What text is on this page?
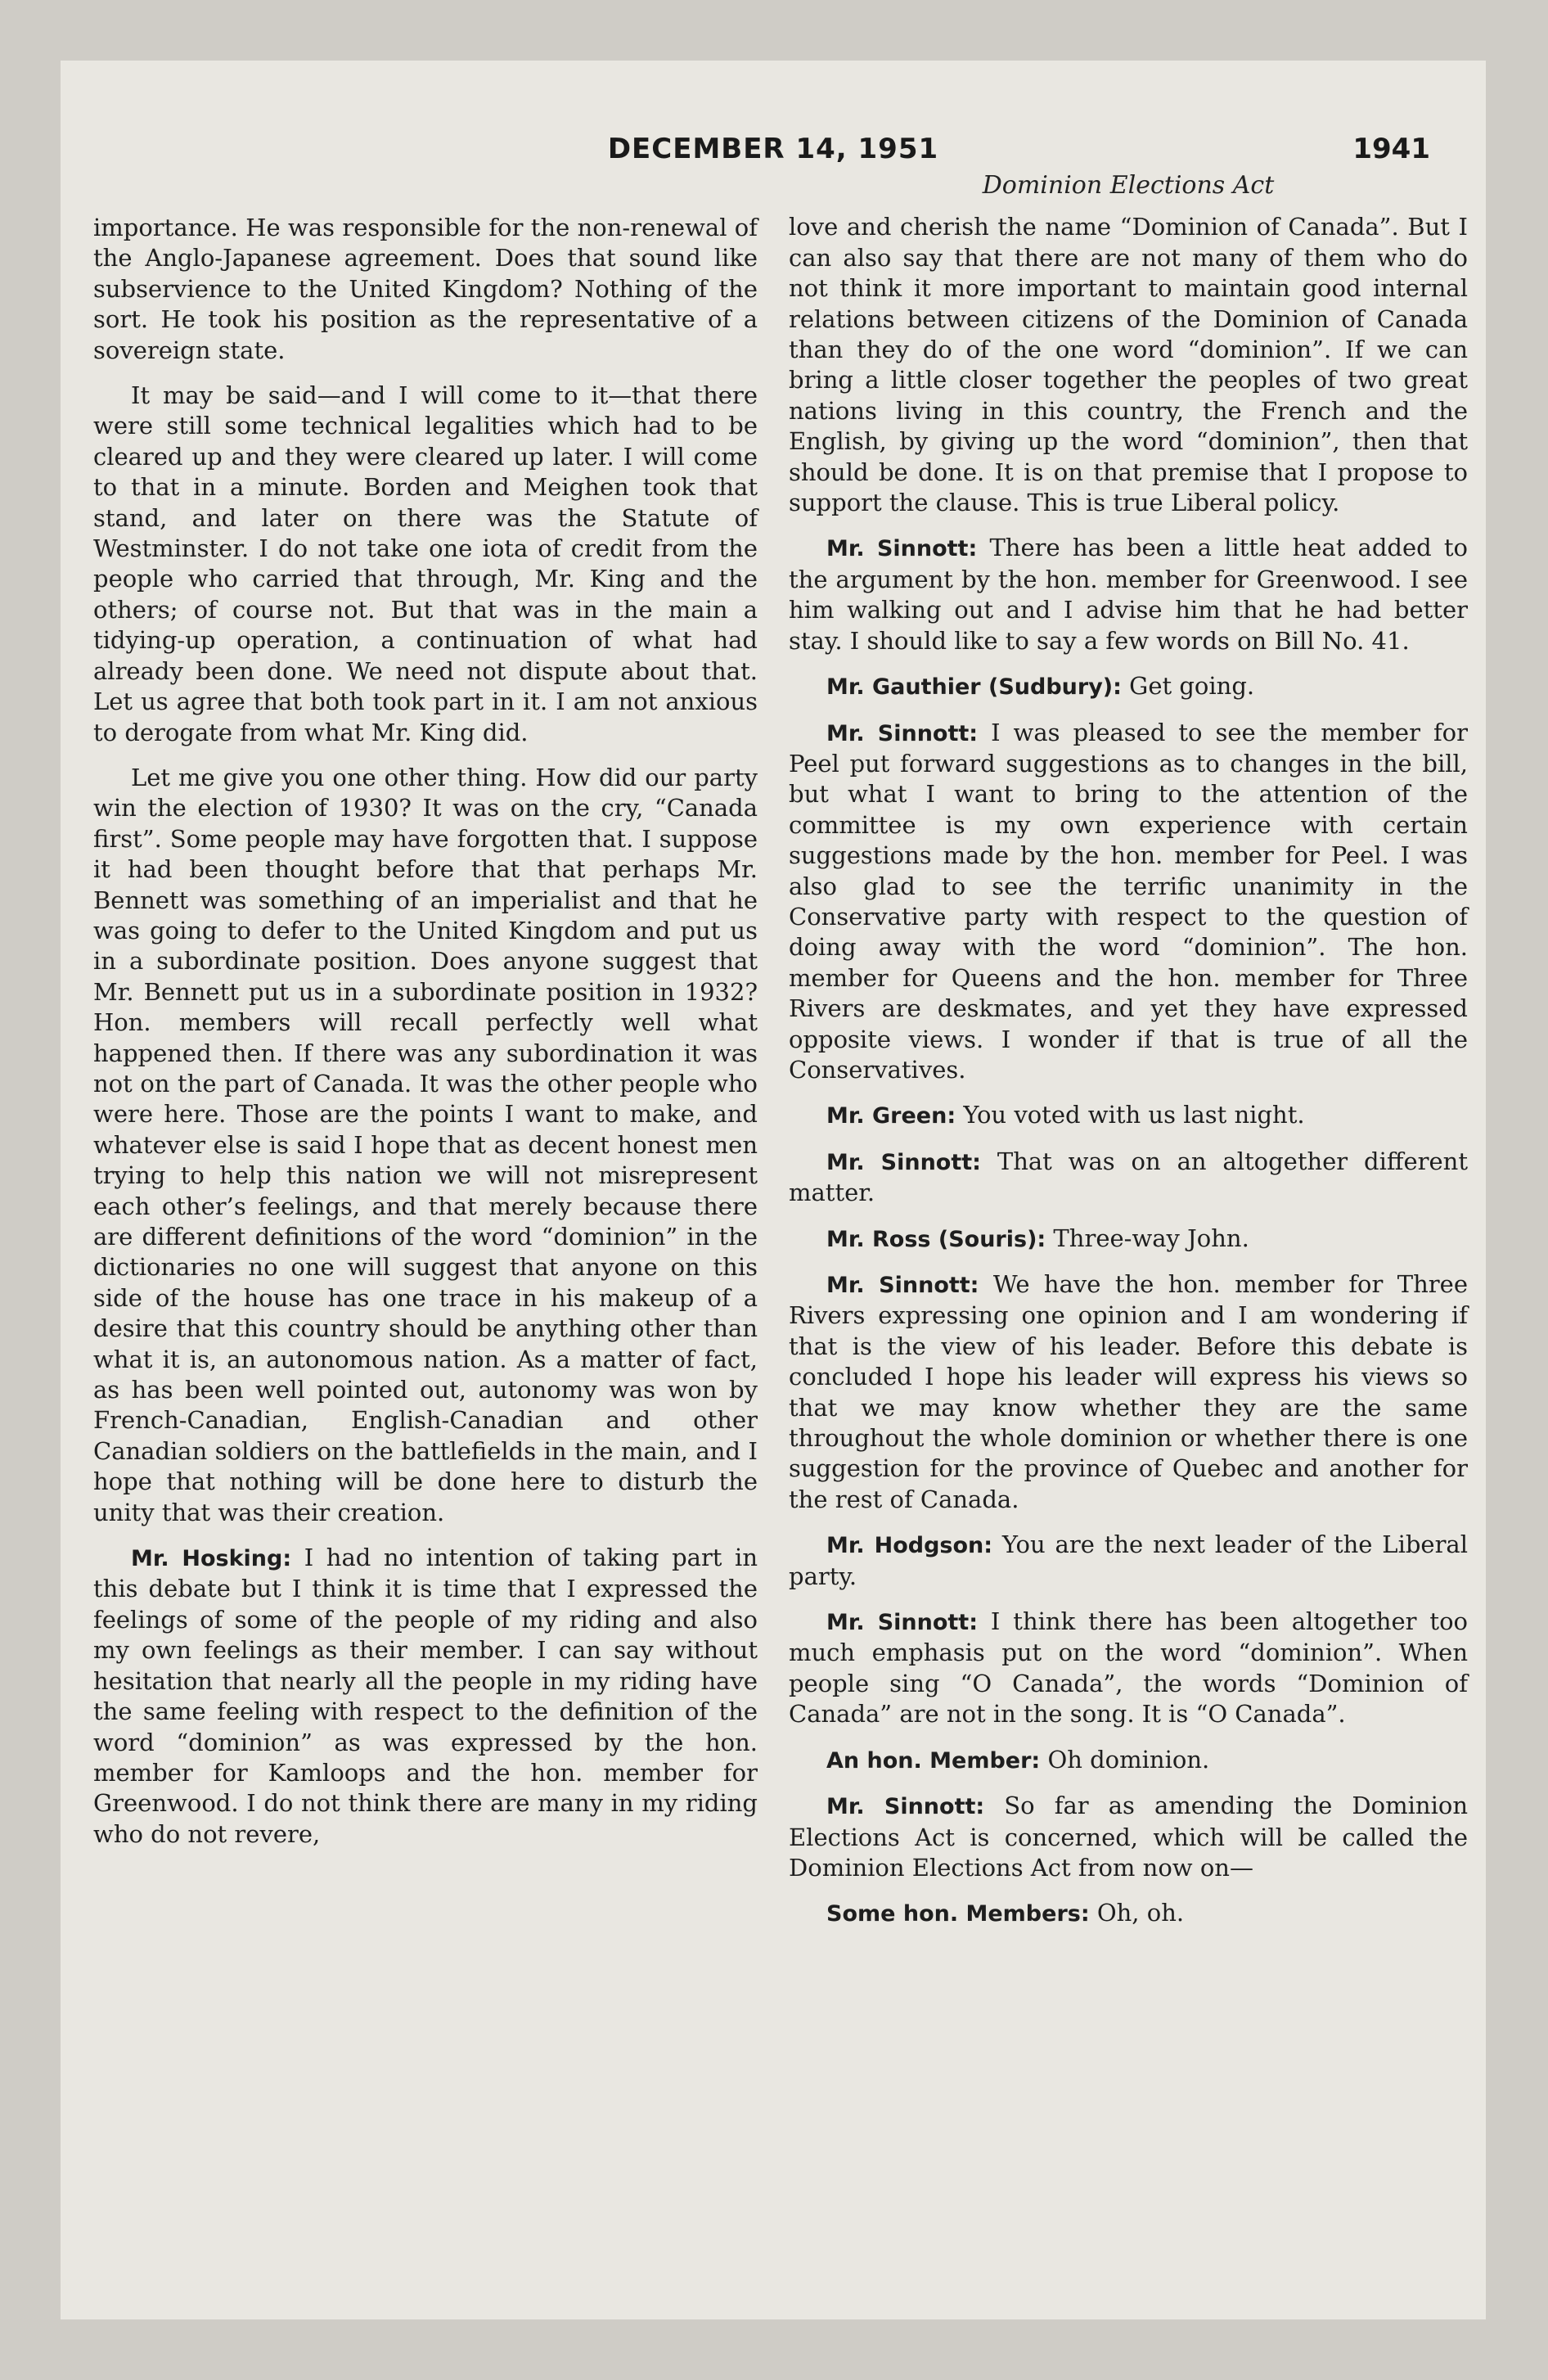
DECEMBER 14, 1951	1941

importance. He was responsible for the non-renewal of the Anglo-Japanese agreement. Does that sound like subservience to the United Kingdom? Nothing of the sort. He took his position as the representative of a sovereign state.

It may be said—and I will come to it—that there were still some technical legalities which had to be cleared up and they were cleared up later. I will come to that in a minute. Borden and Meighen took that stand, and later on there was the Statute of Westminster. I do not take one iota of credit from the people who carried that through, Mr. King and the others; of course not. But that was in the main a tidying-up operation, a continuation of what had already been done. We need not dispute about that. Let us agree that both took part in it. I am not anxious to derogate from what Mr. King did.

Let me give you one other thing. How did our party win the election of 1930? It was on the cry, “Canada first”. Some people may have forgotten that. I suppose it had been thought before that that perhaps Mr. Bennett was something of an imperialist and that he was going to defer to the United Kingdom and put us in a subordinate position. Does anyone suggest that Mr. Bennett put us in a subordinate position in 1932? Hon. members will recall perfectly well what happened then. If there was any subordination it was not on the part of Canada. It was the other people who were here. Those are the points I want to make, and whatever else is said I hope that as decent honest men trying to help this nation we will not misrepresent each other’s feelings, and that merely because there are different definitions of the word “dominion” in the dictionaries no one will suggest that anyone on this side of the house has one trace in his makeup of a desire that this country should be anything other than what it is, an autonomous nation. As a matter of fact, as has been well pointed out, autonomy was won by French-Canadian, English-Canadian and other Canadian soldiers on the battlefields in the main, and I hope that nothing will be done here to disturb the unity that was their creation.

Mr. Hosking: I had no intention of taking part in this debate but I think it is time that I expressed the feelings of some of the people of my riding and also my own feelings as their member. I can say without hesitation that nearly all the people in my riding have the same feeling with respect to the definition of the word “dominion” as was expressed by the hon. member for Kamloops and the hon. member for Greenwood. I do not think there are many in my riding who do not revere,

Dominion Elections Act

love and cherish the name “Dominion of Canada”. But I can also say that there are not many of them who do not think it more important to maintain good internal relations between citizens of the Dominion of Canada than they do of the one word “dominion”. If we can bring a little closer together the peoples of two great nations living in this country, the French and the English, by giving up the word “dominion”, then that should be done. It is on that premise that I propose to support the clause. This is true Liberal policy.

Mr. Sinnott: There has been a little heat added to the argument by the hon. member for Greenwood. I see him walking out and I advise him that he had better stay. I should like to say a few words on Bill No. 41.

Mr. Gauthier (Sudbury): Get going.

Mr. Sinnott: I was pleased to see the member for Peel put forward suggestions as to changes in the bill, but what I want to bring to the attention of the committee is my own experience with certain suggestions made by the hon. member for Peel. I was also glad to see the terrific unanimity in the Conservative party with respect to the question of doing away with the word “dominion”. The hon. member for Queens and the hon. member for Three Rivers are deskmates, and yet they have expressed opposite views. I wonder if that is true of all the Conservatives.

Mr. Green: You voted with us last night.

Mr. Sinnott: That was on an altogether different matter.

Mr. Ross (Souris): Three-way John.

Mr. Sinnott: We have the hon. member for Three Rivers expressing one opinion and I am wondering if that is the view of his leader. Before this debate is concluded I hope his leader will express his views so that we may know whether they are the same throughout the whole dominion or whether there is one suggestion for the province of Quebec and another for the rest of Canada.

Mr. Hodgson: You are the next leader of the Liberal party.

Mr. Sinnott: I think there has been altogether too much emphasis put on the word “dominion”. When people sing “O Canada”, the words “Dominion of Canada” are not in the song. It is “O Canada”.

An hon. Member: Oh dominion.

Mr. Sinnott: So far as amending the Dominion Elections Act is concerned, which will be called the Dominion Elections Act from now on—

Some hon. Members: Oh, oh.
